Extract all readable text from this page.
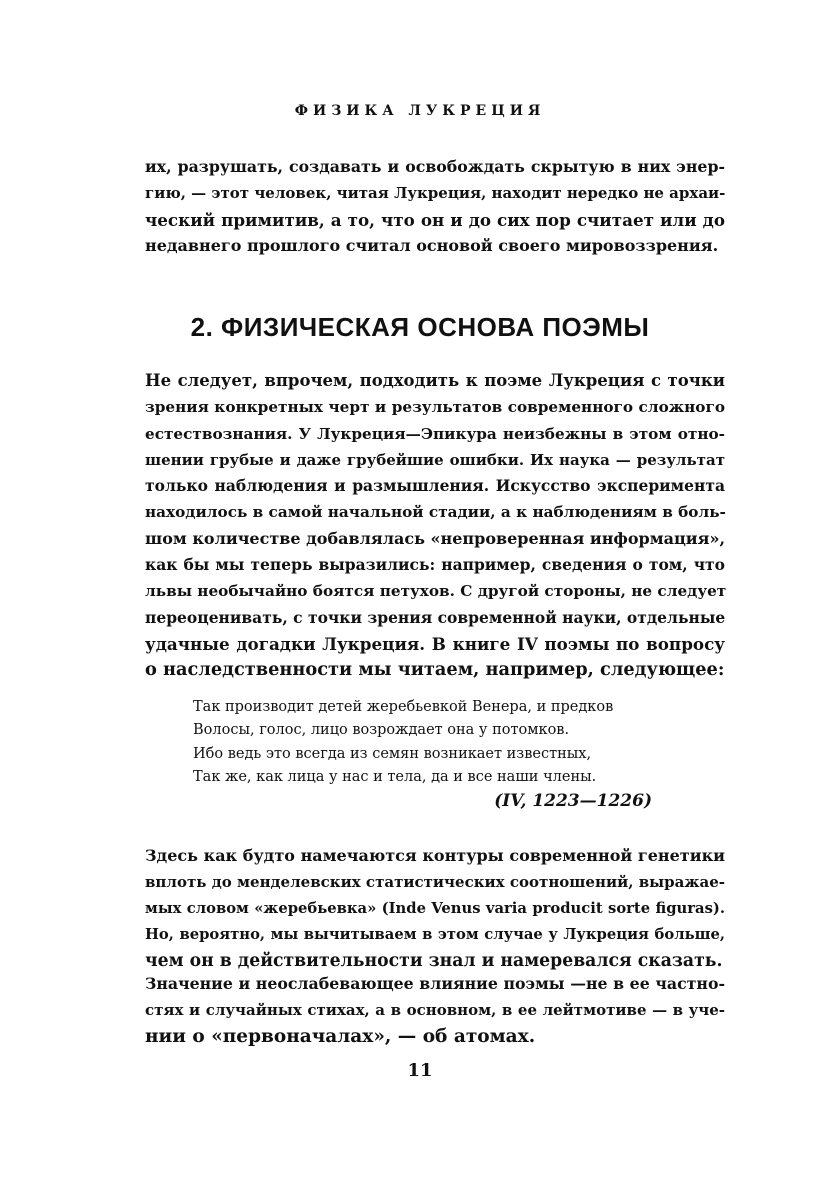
ФИЗИКА ЛУКРЕЦИЯ
их, разрушать, создавать и освобождать скрытую в них энер-
гию, — этот человек, читая Лукреция, находит нередко не архаи-
ческий примитив, а то, что он и до сих пор считает или до
недавнего прошлого считал основой своего мировоззрения.
2. ФИЗИЧЕСКАЯ ОСНОВА ПОЭМЫ
Не следует, впрочем, подходить к поэме Лукреция с точки
зрения конкретных черт и результатов современного сложного
естествознания. У Лукреция—Эпикура неизбежны в этом отно-
шении грубые и даже грубейшие ошибки. Их наука — результат
только наблюдения и размышления. Искусство эксперимента
находилось в самой начальной стадии, а к наблюдениям в боль-
шом количестве добавлялась «непроверенная информация»,
как бы мы теперь выразились: например, сведения о том, что
львы необычайно боятся петухов. С другой стороны, не следует
переоценивать, с точки зрения современной науки, отдельные
удачные догадки Лукреция. В книге IV поэмы по вопросу
о наследственности мы читаем, например, следующее:
Так производит детей жеребьевкой Венера, и предков
Волосы, голос, лицо возрождает она у потомков.
Ибо ведь это всегда из семян возникает известных,
Так же, как лица у нас и тела, да и все наши члены.
(IV, 1223—1226)
Здесь как будто намечаются контуры современной генетики
вплоть до менделевских статистических соотношений, выражае-
мых словом «жеребьевка» (Inde Venus varia producit sorte figuras).
Но, вероятно, мы вычитываем в этом случае у Лукреция больше,
чем он в действительности знал и намеревался сказать.
Значение и неослабевающее влияние поэмы —не в ее частно-
стях и случайных стихах, а в основном, в ее лейтмотиве — в уче-
нии о «первоначалах», — об атомах.
11
